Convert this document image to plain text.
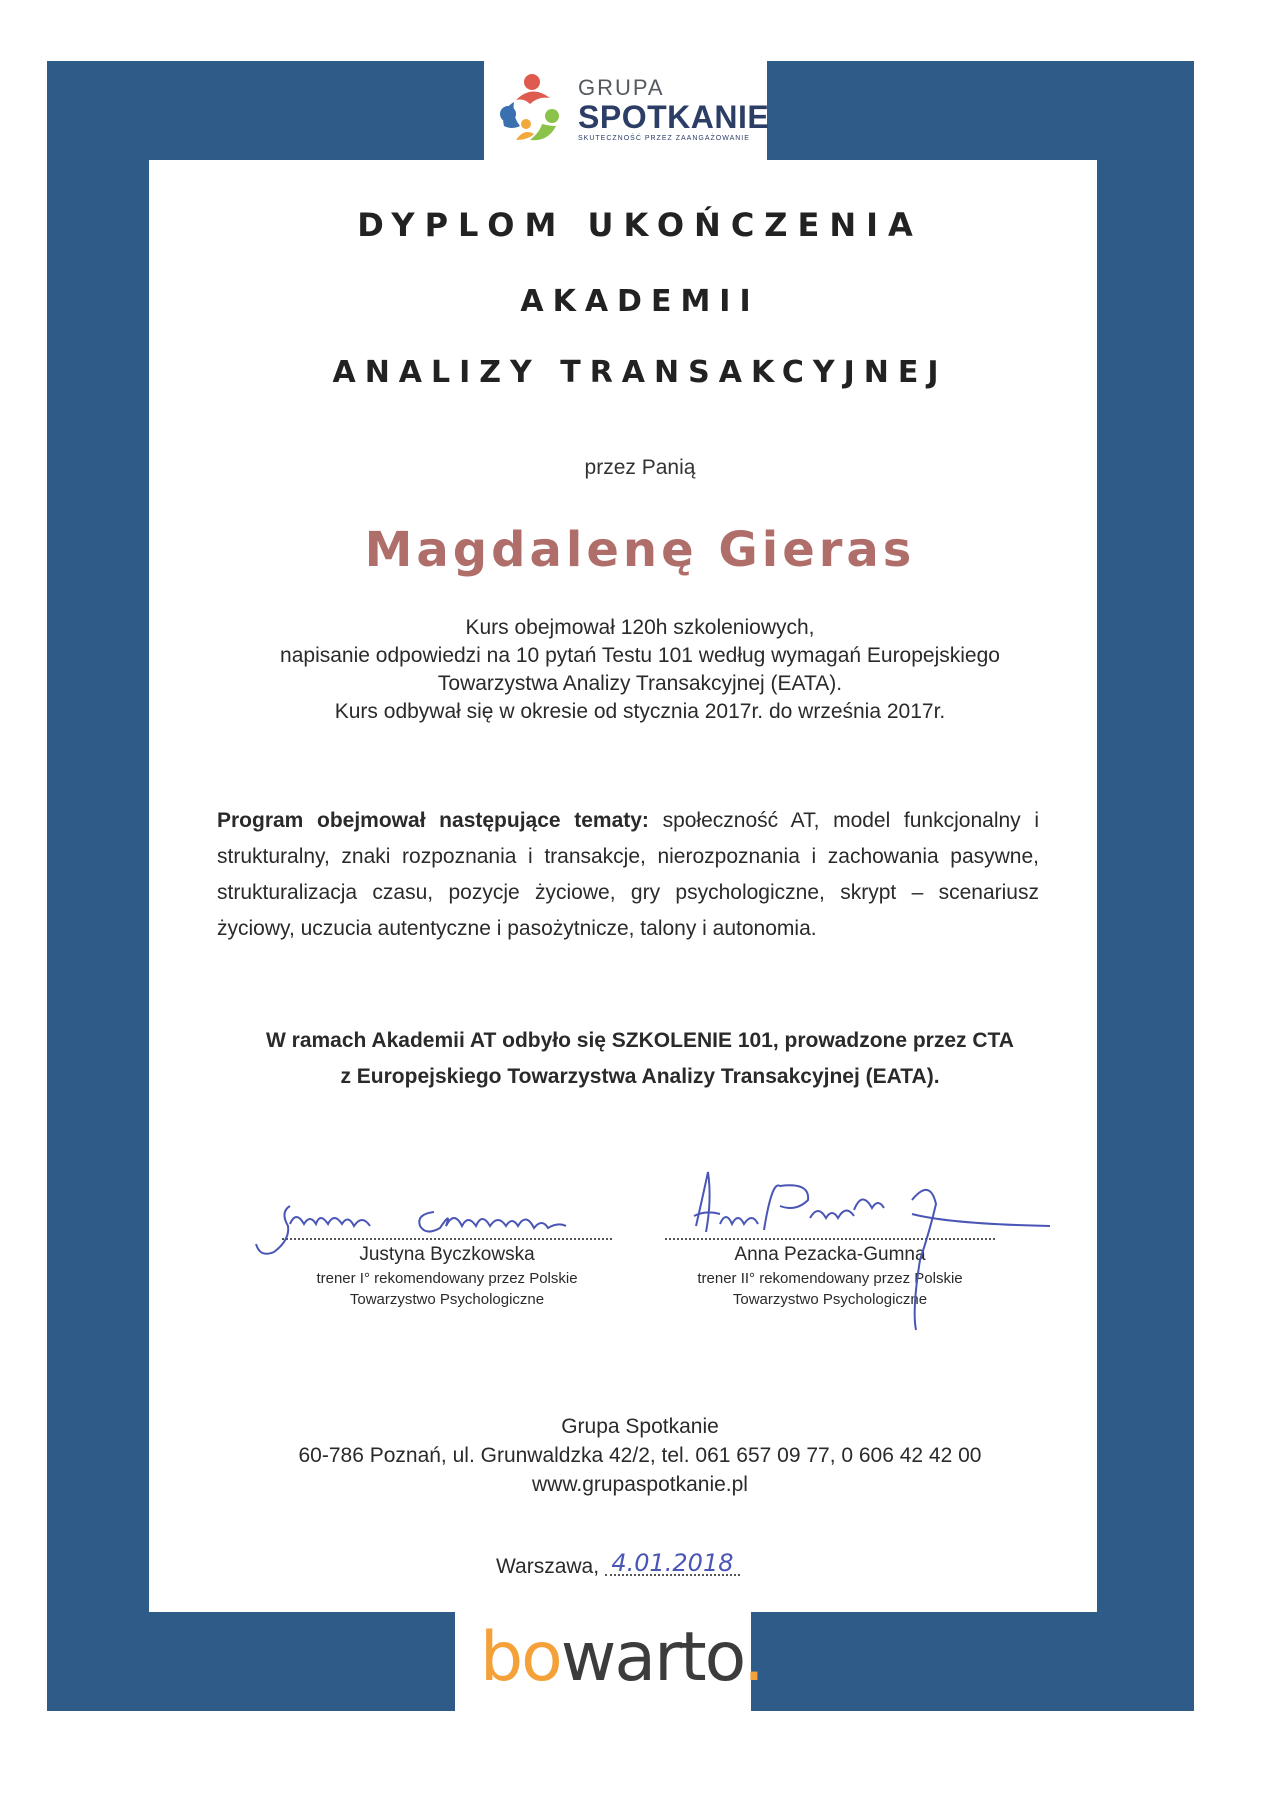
GRUPA
SPOTKANIE
SKUTECZNOŚĆ PRZEZ ZAANGAŻOWANIE
DYPLOM UKOŃCZENIA
AKADEMII
ANALIZY TRANSAKCYJNEJ
przez Panią
Magdalenę Gieras
Kurs obejmował 120h szkoleniowych,
napisanie odpowiedzi na 10 pytań Testu 101 według wymagań Europejskiego
Towarzystwa Analizy Transakcyjnej (EATA).
Kurs odbywał się w okresie od stycznia 2017r. do września 2017r.
Program obejmował następujące tematy: społeczność AT, model funkcjonalny i strukturalny, znaki rozpoznania i transakcje, nierozpoznania i zachowania pasywne, strukturalizacja czasu, pozycje życiowe, gry psychologiczne, skrypt – scenariusz życiowy, uczucia autentyczne i pasożytnicze, talony i autonomia.
W ramach Akademii AT odbyło się SZKOLENIE 101, prowadzone przez CTA
z Europejskiego Towarzystwa Analizy Transakcyjnej (EATA).
Justyna Byczkowska
trener I° rekomendowany przez Polskie
Towarzystwo Psychologiczne
Anna Pezacka-Gumna
trener II° rekomendowany przez Polskie
Towarzystwo Psychologiczne
Grupa Spotkanie
60-786 Poznań, ul. Grunwaldzka 42/2, tel. 061 657 09 77, 0 606 42 42 00
www.grupaspotkanie.pl
Warszawa, 4.01.2018
bowarto.
